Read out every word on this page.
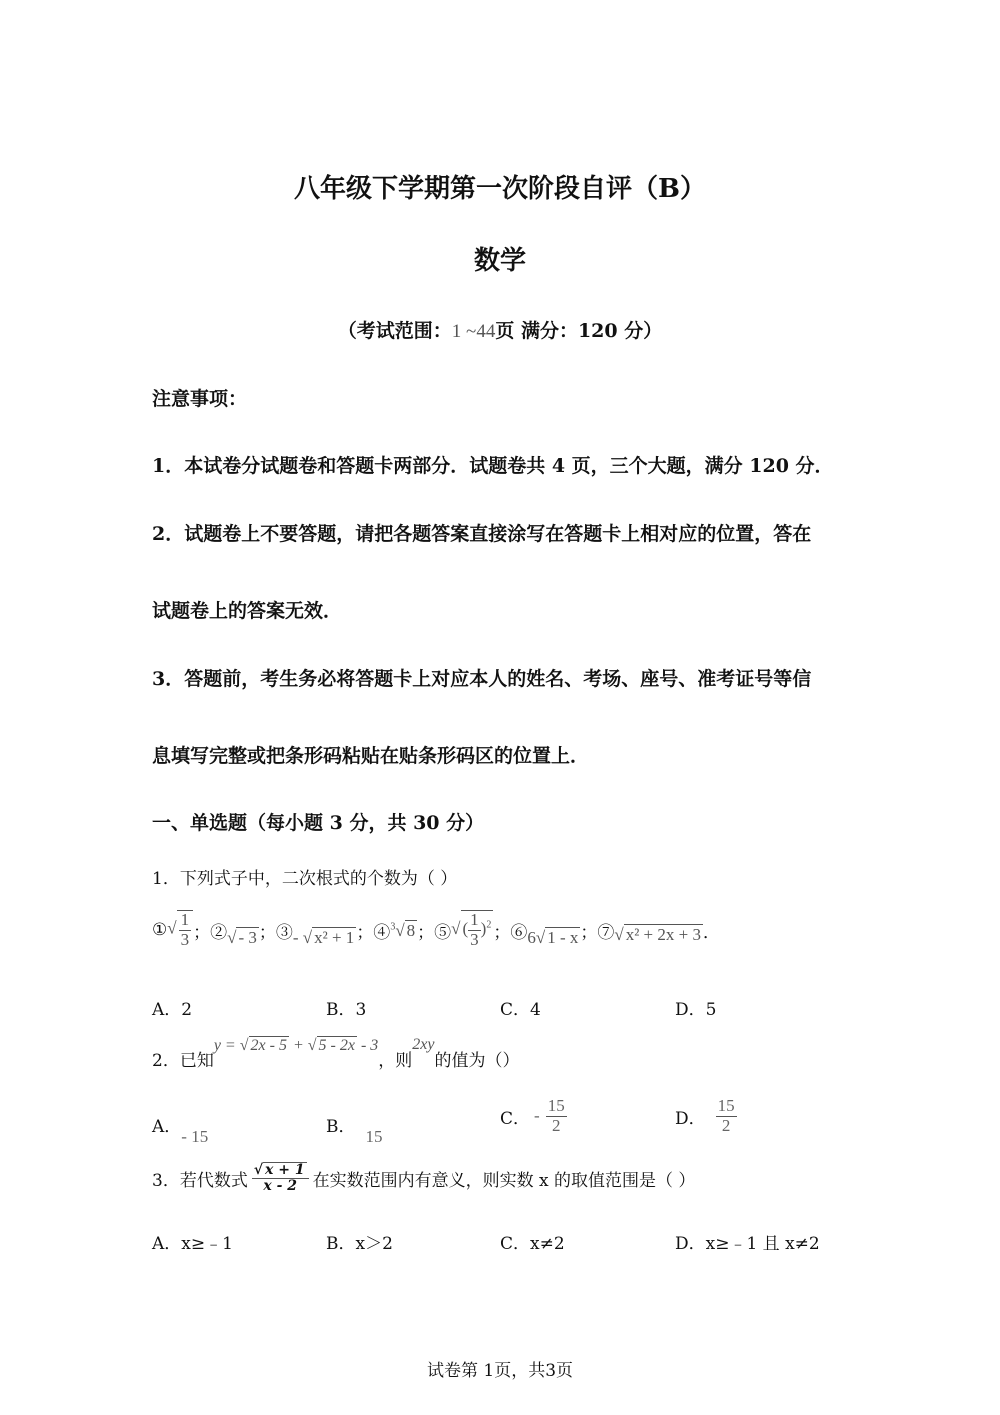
八年级下学期第一次阶段自评（B）
数学
（考试范围：1 ~44页 满分：120 分）
注意事项：
1．本试卷分试题卷和答题卡两部分．试题卷共 4 页，三个大题，满分 120 分．
2．试题卷上不要答题，请把各题答案直接涂写在答题卡上相对应的位置，答在
试题卷上的答案无效．
3．答题前，考生务必将答题卡上对应本人的姓名、考场、座号、准考证号等信
息填写完整或把条形码粘贴在贴条形码区的位置上．
一、单选题（每小题 3 分，共 30 分）
1．下列式子中，二次根式的个数为（ ）
① √ $\frac{1}{3}$ ；② √ - 3 ；③ - √ x² + 1 ；④ $^3$√ 8 ；⑤ √ ( $\frac{1}{3} )^2$ ；⑥ 6√ 1 - x ；⑦ √ x² + 2x + 3 ．
A．2	B．3	C．4	D．5
2．已知
y = √ 2x - 5 + √ 5 - 2x - 3
，则
2xy
的值为（）
A．- 15	B． 15
C． - $\frac{15}{2}$	D． $\frac{15}{2}$
3．若代数式 $\frac{√ x + 1}{x - 2}$ 在实数范围内有意义，则实数 x 的取值范围是（ ）
A．x≥﹣1	B．x＞2	C．x≠2	D．x≥﹣1 且 x≠2
试卷第 1页，共3页
